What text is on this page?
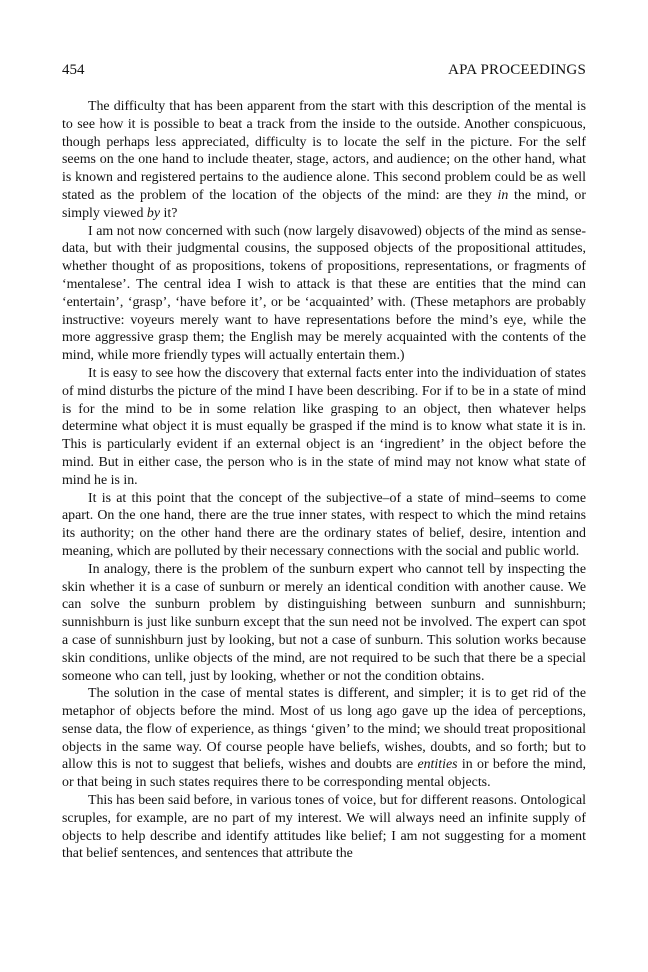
454	APA PROCEEDINGS

The difficulty that has been apparent from the start with this description of the mental is to see how it is possible to beat a track from the inside to the outside. Another conspicuous, though perhaps less appreciated, difficulty is to locate the self in the picture. For the self seems on the one hand to include theater, stage, actors, and audience; on the other hand, what is known and registered pertains to the audience alone. This second problem could be as well stated as the problem of the location of the objects of the mind: are they in the mind, or simply viewed by it?

I am not now concerned with such (now largely disavowed) objects of the mind as sense-data, but with their judgmental cousins, the supposed objects of the propositional attitudes, whether thought of as propositions, tokens of propositions, representations, or fragments of ‘mentalese’. The central idea I wish to attack is that these are entities that the mind can ‘entertain’, ‘grasp’, ‘have before it’, or be ‘acquainted’ with. (These metaphors are probably instructive: voyeurs merely want to have representations before the mind’s eye, while the more aggressive grasp them; the English may be merely acquainted with the contents of the mind, while more friendly types will actually entertain them.)

It is easy to see how the discovery that external facts enter into the individuation of states of mind disturbs the picture of the mind I have been describing. For if to be in a state of mind is for the mind to be in some relation like grasping to an object, then whatever helps determine what object it is must equally be grasped if the mind is to know what state it is in. This is particularly evident if an external object is an ‘ingredient’ in the object before the mind. But in either case, the person who is in the state of mind may not know what state of mind he is in.

It is at this point that the concept of the subjective–of a state of mind–seems to come apart. On the one hand, there are the true inner states, with respect to which the mind retains its authority; on the other hand there are the ordinary states of belief, desire, intention and meaning, which are polluted by their necessary connections with the social and public world.

In analogy, there is the problem of the sunburn expert who cannot tell by inspecting the skin whether it is a case of sunburn or merely an identical condition with another cause. We can solve the sunburn problem by distinguishing between sunburn and sunnishburn; sunnishburn is just like sunburn except that the sun need not be involved. The expert can spot a case of sunnishburn just by looking, but not a case of sunburn. This solution works because skin conditions, unlike objects of the mind, are not required to be such that there be a special someone who can tell, just by looking, whether or not the condition obtains.

The solution in the case of mental states is different, and simpler; it is to get rid of the metaphor of objects before the mind. Most of us long ago gave up the idea of perceptions, sense data, the flow of experience, as things ‘given’ to the mind; we should treat propositional objects in the same way. Of course people have beliefs, wishes, doubts, and so forth; but to allow this is not to suggest that beliefs, wishes and doubts are entities in or before the mind, or that being in such states requires there to be corresponding mental objects.

This has been said before, in various tones of voice, but for different reasons. Ontological scruples, for example, are no part of my interest. We will always need an infinite supply of objects to help describe and identify attitudes like belief; I am not suggesting for a moment that belief sentences, and sentences that attribute the
